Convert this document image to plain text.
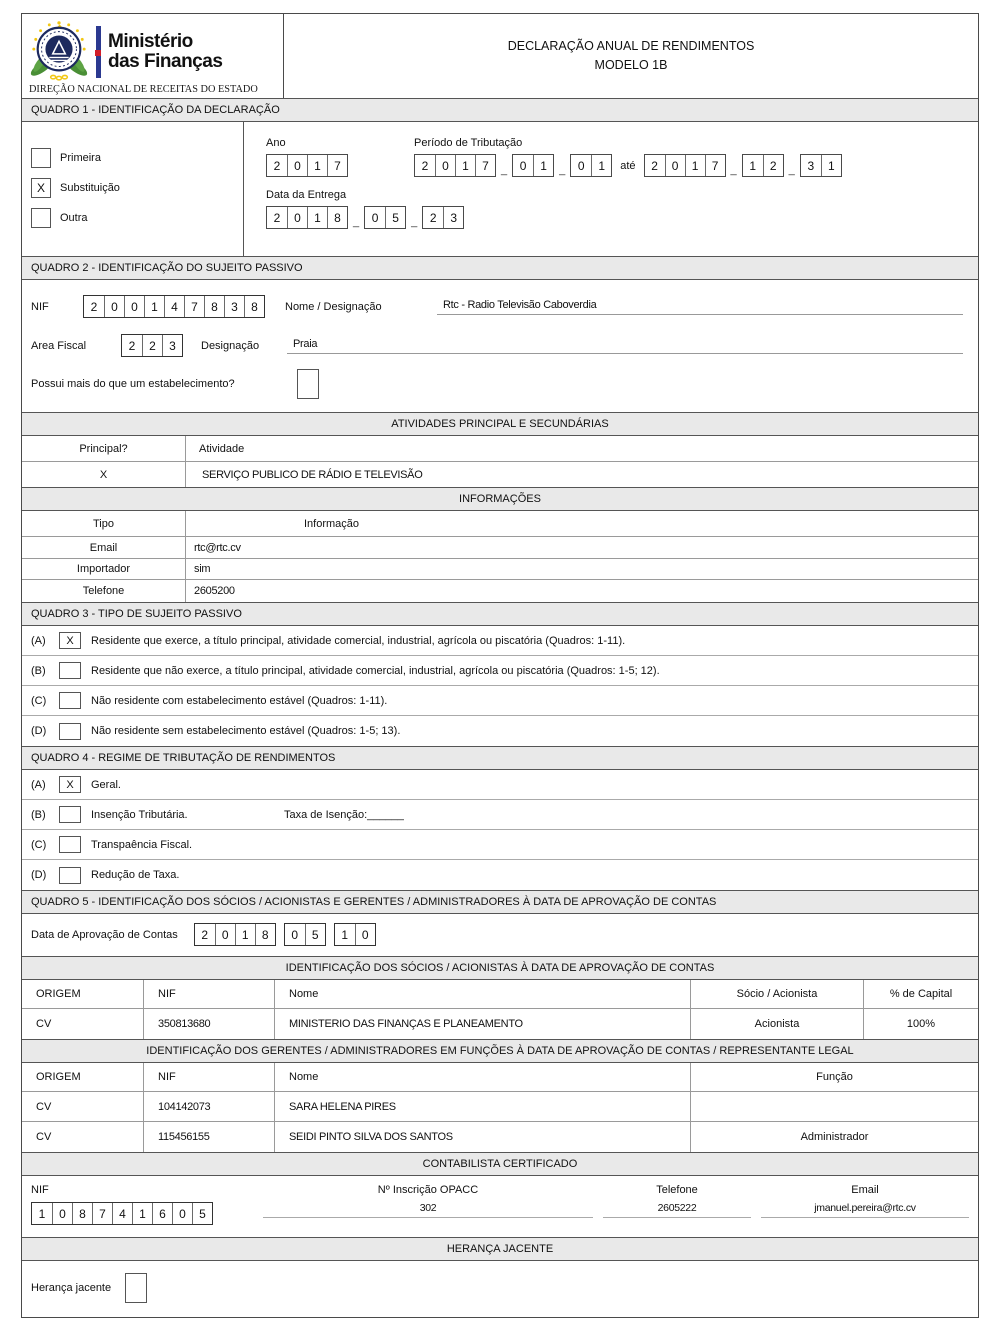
Ministério
das Finanças
DIREÇÃO NACIONAL DE RECEITAS DO ESTADO
DECLARAÇÃO ANUAL DE RENDIMENTOS
MODELO 1B
QUADRO 1 - IDENTIFICAÇÃO DA DECLARAÇÃO
Primeira
X	Substituição
Outra
Ano
2	0	1	7
Período de Tributação
2	0	1	7	_	0	1	_	0	1	até	2	0	1	7	_	1	2	_	3	1
Data da Entrega
2	0	1	8	_	0	5	_	2	3
QUADRO 2 - IDENTIFICAÇÃO DO SUJEITO PASSIVO
NIF	2	0	0	1	4	7	8	3	8	Nome / Designação	Rtc - Radio Televisão Caboverdia
Area Fiscal	2	2	3	Designação	Praia
Possui mais do que um estabelecimento?
ATIVIDADES PRINCIPAL E SECUNDÁRIAS
Principal?	Atividade
X	SERVIÇO PUBLICO DE RÁDIO E TELEVISÃO
INFORMAÇÕES
Tipo	Informação
Email	rtc@rtc.cv
Importador	sim
Telefone	2605200
QUADRO 3 - TIPO DE SUJEITO PASSIVO
(A)	X	Residente que exerce, a título principal, atividade comercial, industrial, agrícola ou piscatória (Quadros: 1-11).
(B)	Residente que não exerce, a título principal, atividade comercial, industrial, agrícola ou piscatória (Quadros: 1-5; 12).
(C)	Não residente com estabelecimento estável (Quadros: 1-11).
(D)	Não residente sem estabelecimento estável (Quadros: 1-5; 13).
QUADRO 4 - REGIME DE TRIBUTAÇÃO DE RENDIMENTOS
(A)	X	Geral.
(B)	Insenção Tributária.	Taxa de Isenção:______
(C)	Transpaência Fiscal.
(D)	Redução de Taxa.
QUADRO 5 - IDENTIFICAÇÃO DOS SÓCIOS / ACIONISTAS E GERENTES / ADMINISTRADORES À DATA DE APROVAÇÃO DE CONTAS
Data de Aprovação de Contas	2	0	1	8	0	5	1	0
IDENTIFICAÇÃO DOS SÓCIOS / ACIONISTAS À DATA DE APROVAÇÃO DE CONTAS
ORIGEM	NIF	Nome	Sócio / Acionista	% de Capital
CV	350813680	MINISTERIO DAS FINANÇAS E PLANEAMENTO	Acionista	100%
IDENTIFICAÇÃO DOS GERENTES / ADMINISTRADORES EM FUNÇÕES À DATA DE APROVAÇÃO DE CONTAS / REPRESENTANTE LEGAL
ORIGEM	NIF	Nome	Função
CV	104142073	SARA HELENA PIRES
CV	115456155	SEIDI PINTO SILVA DOS SANTOS	Administrador
CONTABILISTA CERTIFICADO
NIF
1	0	8	7	4	1	6	0	5
Nº Inscrição OPACC
302
Telefone
2605222
Email
jmanuel.pereira@rtc.cv
HERANÇA JACENTE
Herança jacente
